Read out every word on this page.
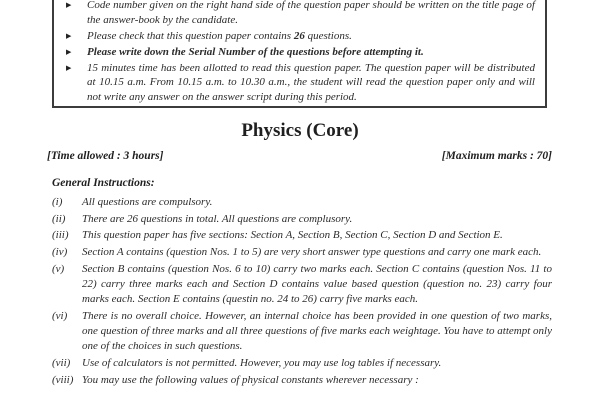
▶	Code number given on the right hand side of the question paper should be written on the title page of the answer-book by the candidate.
▶	Please check that this question paper contains 26 questions.
▶	Please write down the Serial Number of the questions before attempting it.
▶	15 minutes time has been allotted to read this question paper. The question paper will be distributed at 10.15 a.m. From 10.15 a.m. to 10.30 a.m., the student will read the question paper only and will not write any answer on the answer script during this period.
Physics (Core)
[Time allowed : 3 hours]	[Maximum marks : 70]
General Instructions:
(i)	All questions are compulsory.
(ii)	There are 26 questions in total. All questions are complusory.
(iii)	This question paper has five sections: Section A, Section B, Section C, Section D and Section E.
(iv)	Section A contains (question Nos. 1 to 5) are very short answer type questions and carry one mark each.
(v)	Section B contains (question Nos. 6 to 10) carry two marks each. Section C contains (question Nos. 11 to 22) carry three marks each and Section D contains value based question (question no. 23) carry four marks each. Section E contains (questin no. 24 to 26) carry five marks each.
(vi)	There is no overall choice. However, an internal choice has been provided in one question of two marks, one question of three marks and all three questions of five marks each weightage. You have to attempt only one of the choices in such questions.
(vii)	Use of calculators is not permitted. However, you may use log tables if necessary.
(viii) You may use the following values of physical constants wherever necessary :
